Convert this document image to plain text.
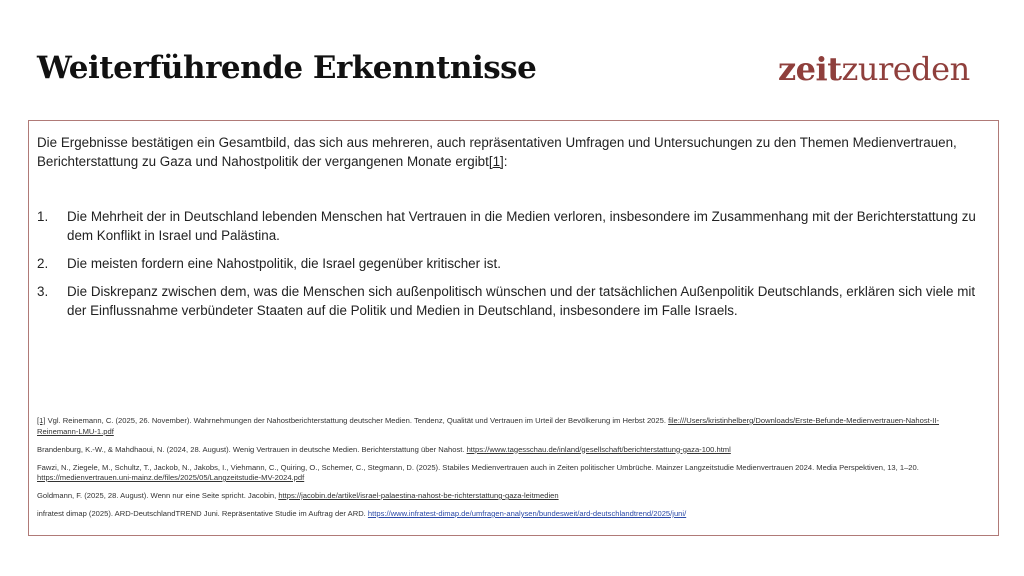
Weiterführende Erkenntnisse	zeitzureden
Die Ergebnisse bestätigen ein Gesamtbild, das sich aus mehreren, auch repräsentativen Umfragen und Untersuchungen zu den Themen Medienvertrauen, Berichterstattung zu Gaza und Nahostpolitik der vergangenen Monate ergibt[1]:
1.	Die Mehrheit der in Deutschland lebenden Menschen hat Vertrauen in die Medien verloren, insbesondere im Zusammenhang mit der Berichterstattung zu dem Konflikt in Israel und Palästina.
2.	Die meisten fordern eine Nahostpolitik, die Israel gegenüber kritischer ist.
3.	Die Diskrepanz zwischen dem, was die Menschen sich außenpolitisch wünschen und der tatsächlichen Außenpolitik Deutschlands, erklären sich viele mit der Einflussnahme verbündeter Staaten auf die Politik und Medien in Deutschland, insbesondere im Falle Israels.
[1] Vgl. Reinemann, C. (2025, 26. November). Wahrnehmungen der Nahostberichterstattung deutscher Medien. Tendenz, Qualität und Vertrauen im Urteil der Bevölkerung im Herbst 2025. file:///Users/kristinhelberg/Downloads/Erste-Befunde-Medienvertrauen-Nahost-II-Reinemann-LMU-1.pdf
Brandenburg, K.-W., & Mahdhaoui, N. (2024, 28. August). Wenig Vertrauen in deutsche Medien. Berichterstattung über Nahost. https://www.tagesschau.de/inland/gesellschaft/berichterstattung-gaza-100.html
Fawzi, N., Ziegele, M., Schultz, T., Jackob, N., Jakobs, I., Viehmann, C., Quiring, O., Schemer, C., Stegmann, D. (2025). Stabiles Medienvertrauen auch in Zeiten politischer Umbrüche. Mainzer Langzeitstudie Medienvertrauen 2024. Media Perspektiven, 13, 1–20. https://medienvertrauen.uni-mainz.de/files/2025/05/Langzeitstudie-MV-2024.pdf
Goldmann, F. (2025, 28. August). Wenn nur eine Seite spricht. Jacobin, https://jacobin.de/artikel/israel-palaestina-nahost-be-richterstattung-gaza-leitmedien
infratest dimap (2025). ARD-DeutschlandTREND Juni. Repräsentative Studie im Auftrag der ARD. https://www.infratest-dimap.de/umfragen-analysen/bundesweit/ard-deutschlandtrend/2025/juni/
